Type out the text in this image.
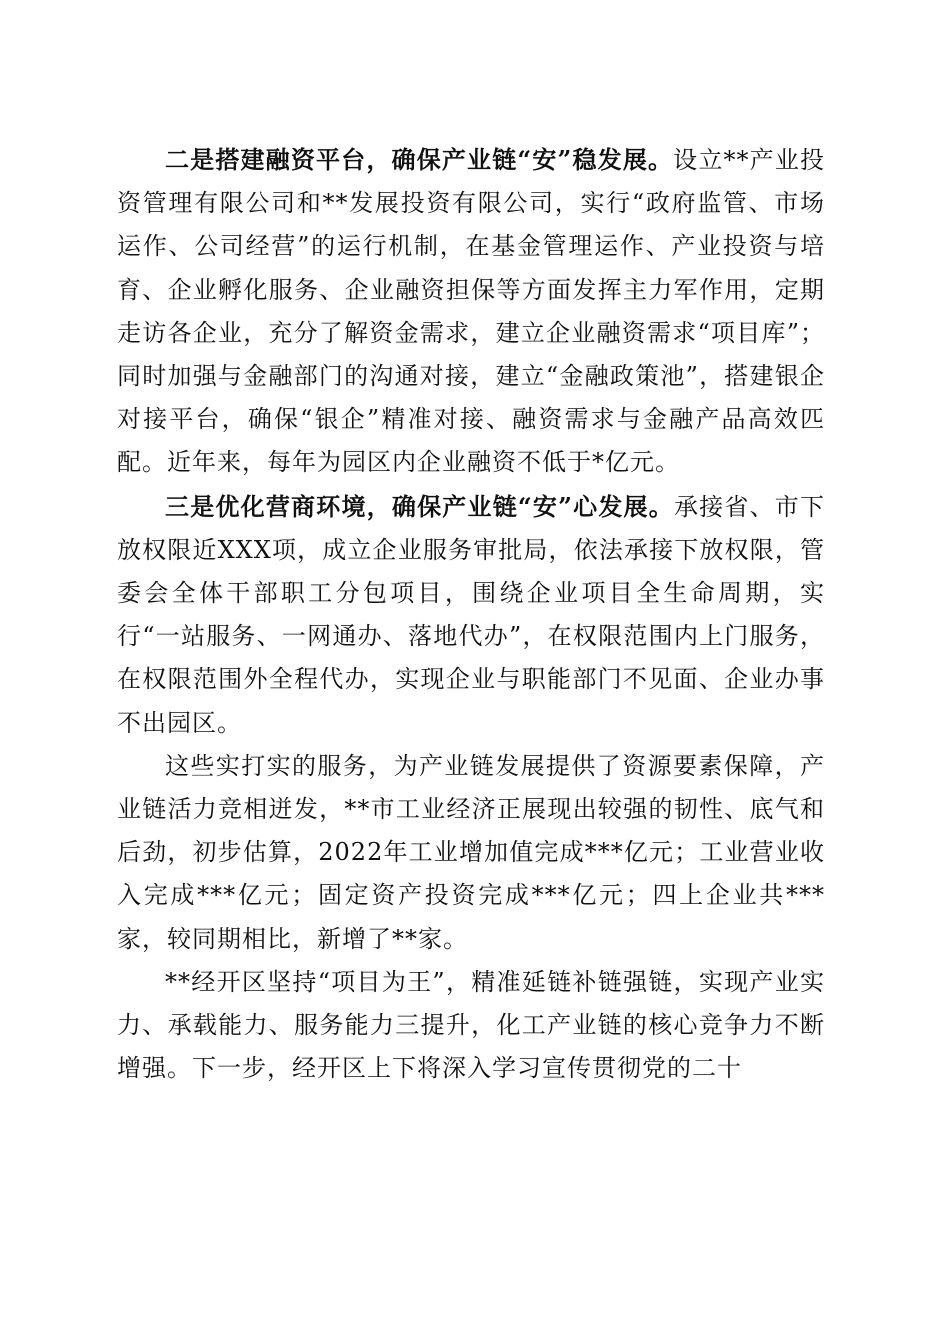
二是搭建融资平台，确保产业链“安”稳发展。设立**产业投资管理有限公司和**发展投资有限公司，实行“政府监管、市场运作、公司经营”的运行机制，在基金管理运作、产业投资与培育、企业孵化服务、企业融资担保等方面发挥主力军作用，定期走访各企业，充分了解资金需求，建立企业融资需求“项目库”；同时加强与金融部门的沟通对接，建立“金融政策池”，搭建银企对接平台，确保“银企”精准对接、融资需求与金融产品高效匹配。近年来，每年为园区内企业融资不低于*亿元。

三是优化营商环境，确保产业链“安”心发展。承接省、市下放权限近XXX项，成立企业服务审批局，依法承接下放权限，管委会全体干部职工分包项目，围绕企业项目全生命周期，实行“一站服务、一网通办、落地代办”，在权限范围内上门服务，在权限范围外全程代办，实现企业与职能部门不见面、企业办事不出园区。

这些实打实的服务，为产业链发展提供了资源要素保障，产业链活力竞相迸发，**市工业经济正展现出较强的韧性、底气和后劲，初步估算，2022年工业增加值完成***亿元；工业营业收入完成***亿元；固定资产投资完成***亿元；四上企业共***家，较同期相比，新增了**家。

**经开区坚持“项目为王”，精准延链补链强链，实现产业实力、承载能力、服务能力三提升，化工产业链的核心竞争力不断增强。下一步，经开区上下将深入学习宣传贯彻党的二十
